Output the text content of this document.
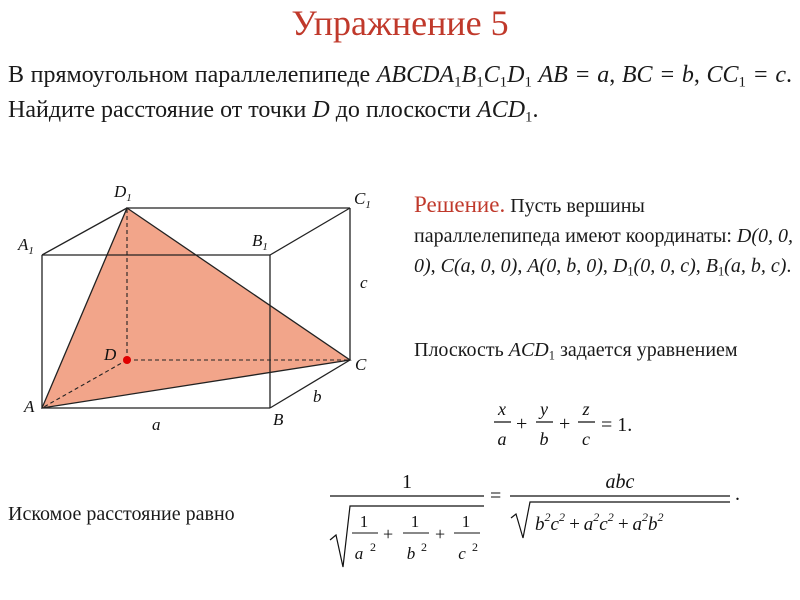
Упражнение 5
В прямоугольном параллелепипеде $ABCDA_1B_1C_1D_1$ AB = a, BC = b, $CC_1 = c$. Найдите расстояние от точки D до плоскости $ACD_1$.
Решение. Пусть вершины параллелепипеда имеют координаты: D(0, 0, 0), C(a, 0, 0), A(0, b, 0), $D_1(0$, 0, c), $B_1(a$, b, c).
Плоскость $ACD_1$ задается уравнением
Искомое расстояние равно
A
B
C
D
$A_1$
$B_1$
$C_1$
$D_1$
a
b
c
x
a
+
y
b
+
z
c
= 1.
1
1
a 2
+
1
b 2
+
1
c 2
=
abc
$b^2c^2 + a^2c^2 + a^2b^2$
.
